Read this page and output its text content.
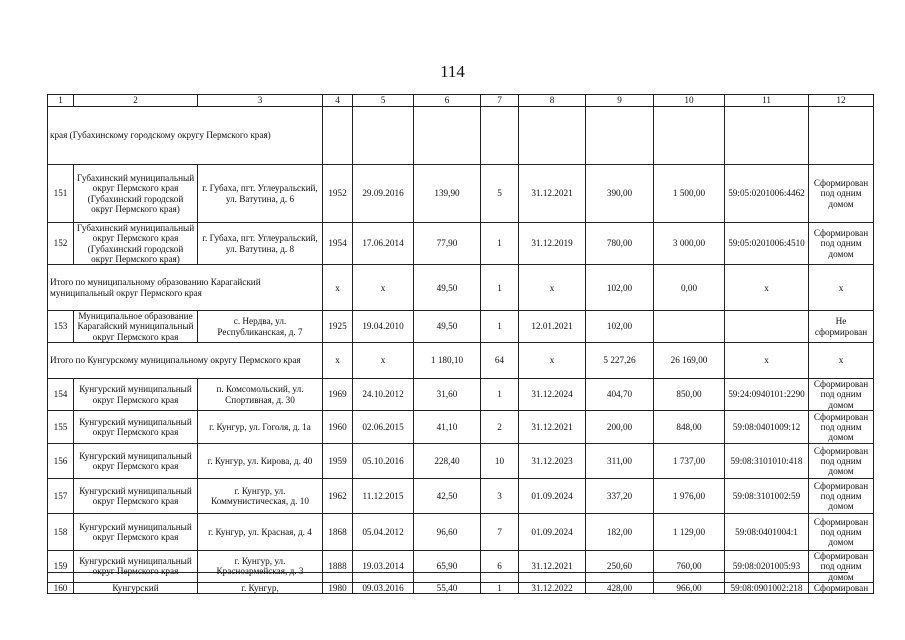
114
1	2	3	4	5	6	7	8	9	10	11	12
края (Губахинскому городскому округу Пермского края)											
151	Губахинский муниципальный округ Пермского края (Губахинский городской округ Пермского края)	г. Губаха, пгт. Углеуральский, ул. Ватутина, д. 6	1952	29.09.2016	139,90	5	31.12.2021	390,00	1 500,00	59:05:0201006:4462	Сформирован под одним домом
152	Губахинский муниципальный округ Пермского края (Губахинский городской округ Пермского края)	г. Губаха, пгт. Углеуральский, ул. Ватутина, д. 8	1954	17.06.2014	77,90	1	31.12.2019	780,00	3 000,00	59:05:0201006:4510	Сформирован под одним домом
Итого по муниципальному образованию Карагайский муниципальный округ Пермского края			x	x	49,50	1	x	102,00	0,00	x	x
153	Муниципальное образование Карагайский муниципальный округ Пермского края	с. Нердва, ул. Республиканская, д. 7	1925	19.04.2010	49,50	1	12.01.2021	102,00			Не сформирован
Итого по Кунгурскому муниципальному округу Пермского края			x	x	1 180,10	64	x	5 227,26	26 169,00	x	x
154	Кунгурский муниципальный округ Пермского края	п. Комсомольский, ул. Спортивная, д. 30	1969	24.10.2012	31,60	1	31.12.2024	404,70	850,00	59:24:0940101:2290	Сформирован под одним домом
155	Кунгурский муниципальный округ Пермского края	г. Кунгур, ул. Гоголя, д. 1а	1960	02.06.2015	41,10	2	31.12.2021	200,00	848,00	59:08:0401009:12	Сформирован под одним домом
156	Кунгурский муниципальный округ Пермского края	г. Кунгур, ул. Кирова, д. 40	1959	05.10.2016	228,40	10	31.12.2023	311,00	1 737,00	59:08:3101010:418	Сформирован под одним домом
157	Кунгурский муниципальный округ Пермского края	г. Кунгур, ул. Коммунистическая, д. 10	1962	11.12.2015	42,50	3	01.09.2024	337,20	1 976,00	59:08:3101002:59	Сформирован под одним домом
158	Кунгурский муниципальный округ Пермского края	г. Кунгур, ул. Красная, д. 4	1868	05.04.2012	96,60	7	01.09.2024	182,00	1 129,00	59:08:0401004:1	Сформирован под одним домом
159	Кунгурский муниципальный округ Пермского края	г. Кунгур, ул. Красноармейская, д. 3	1888	19.03.2014	65,90	6	31.12.2021	250,60	760,00	59:08:0201005:93	Сформирован под одним домом
160	Кунгурский	г. Кунгур,	1980	09.03.2016	55,40	1	31.12.2022	428,00	966,00	59:08:0901002:218	Сформирован
